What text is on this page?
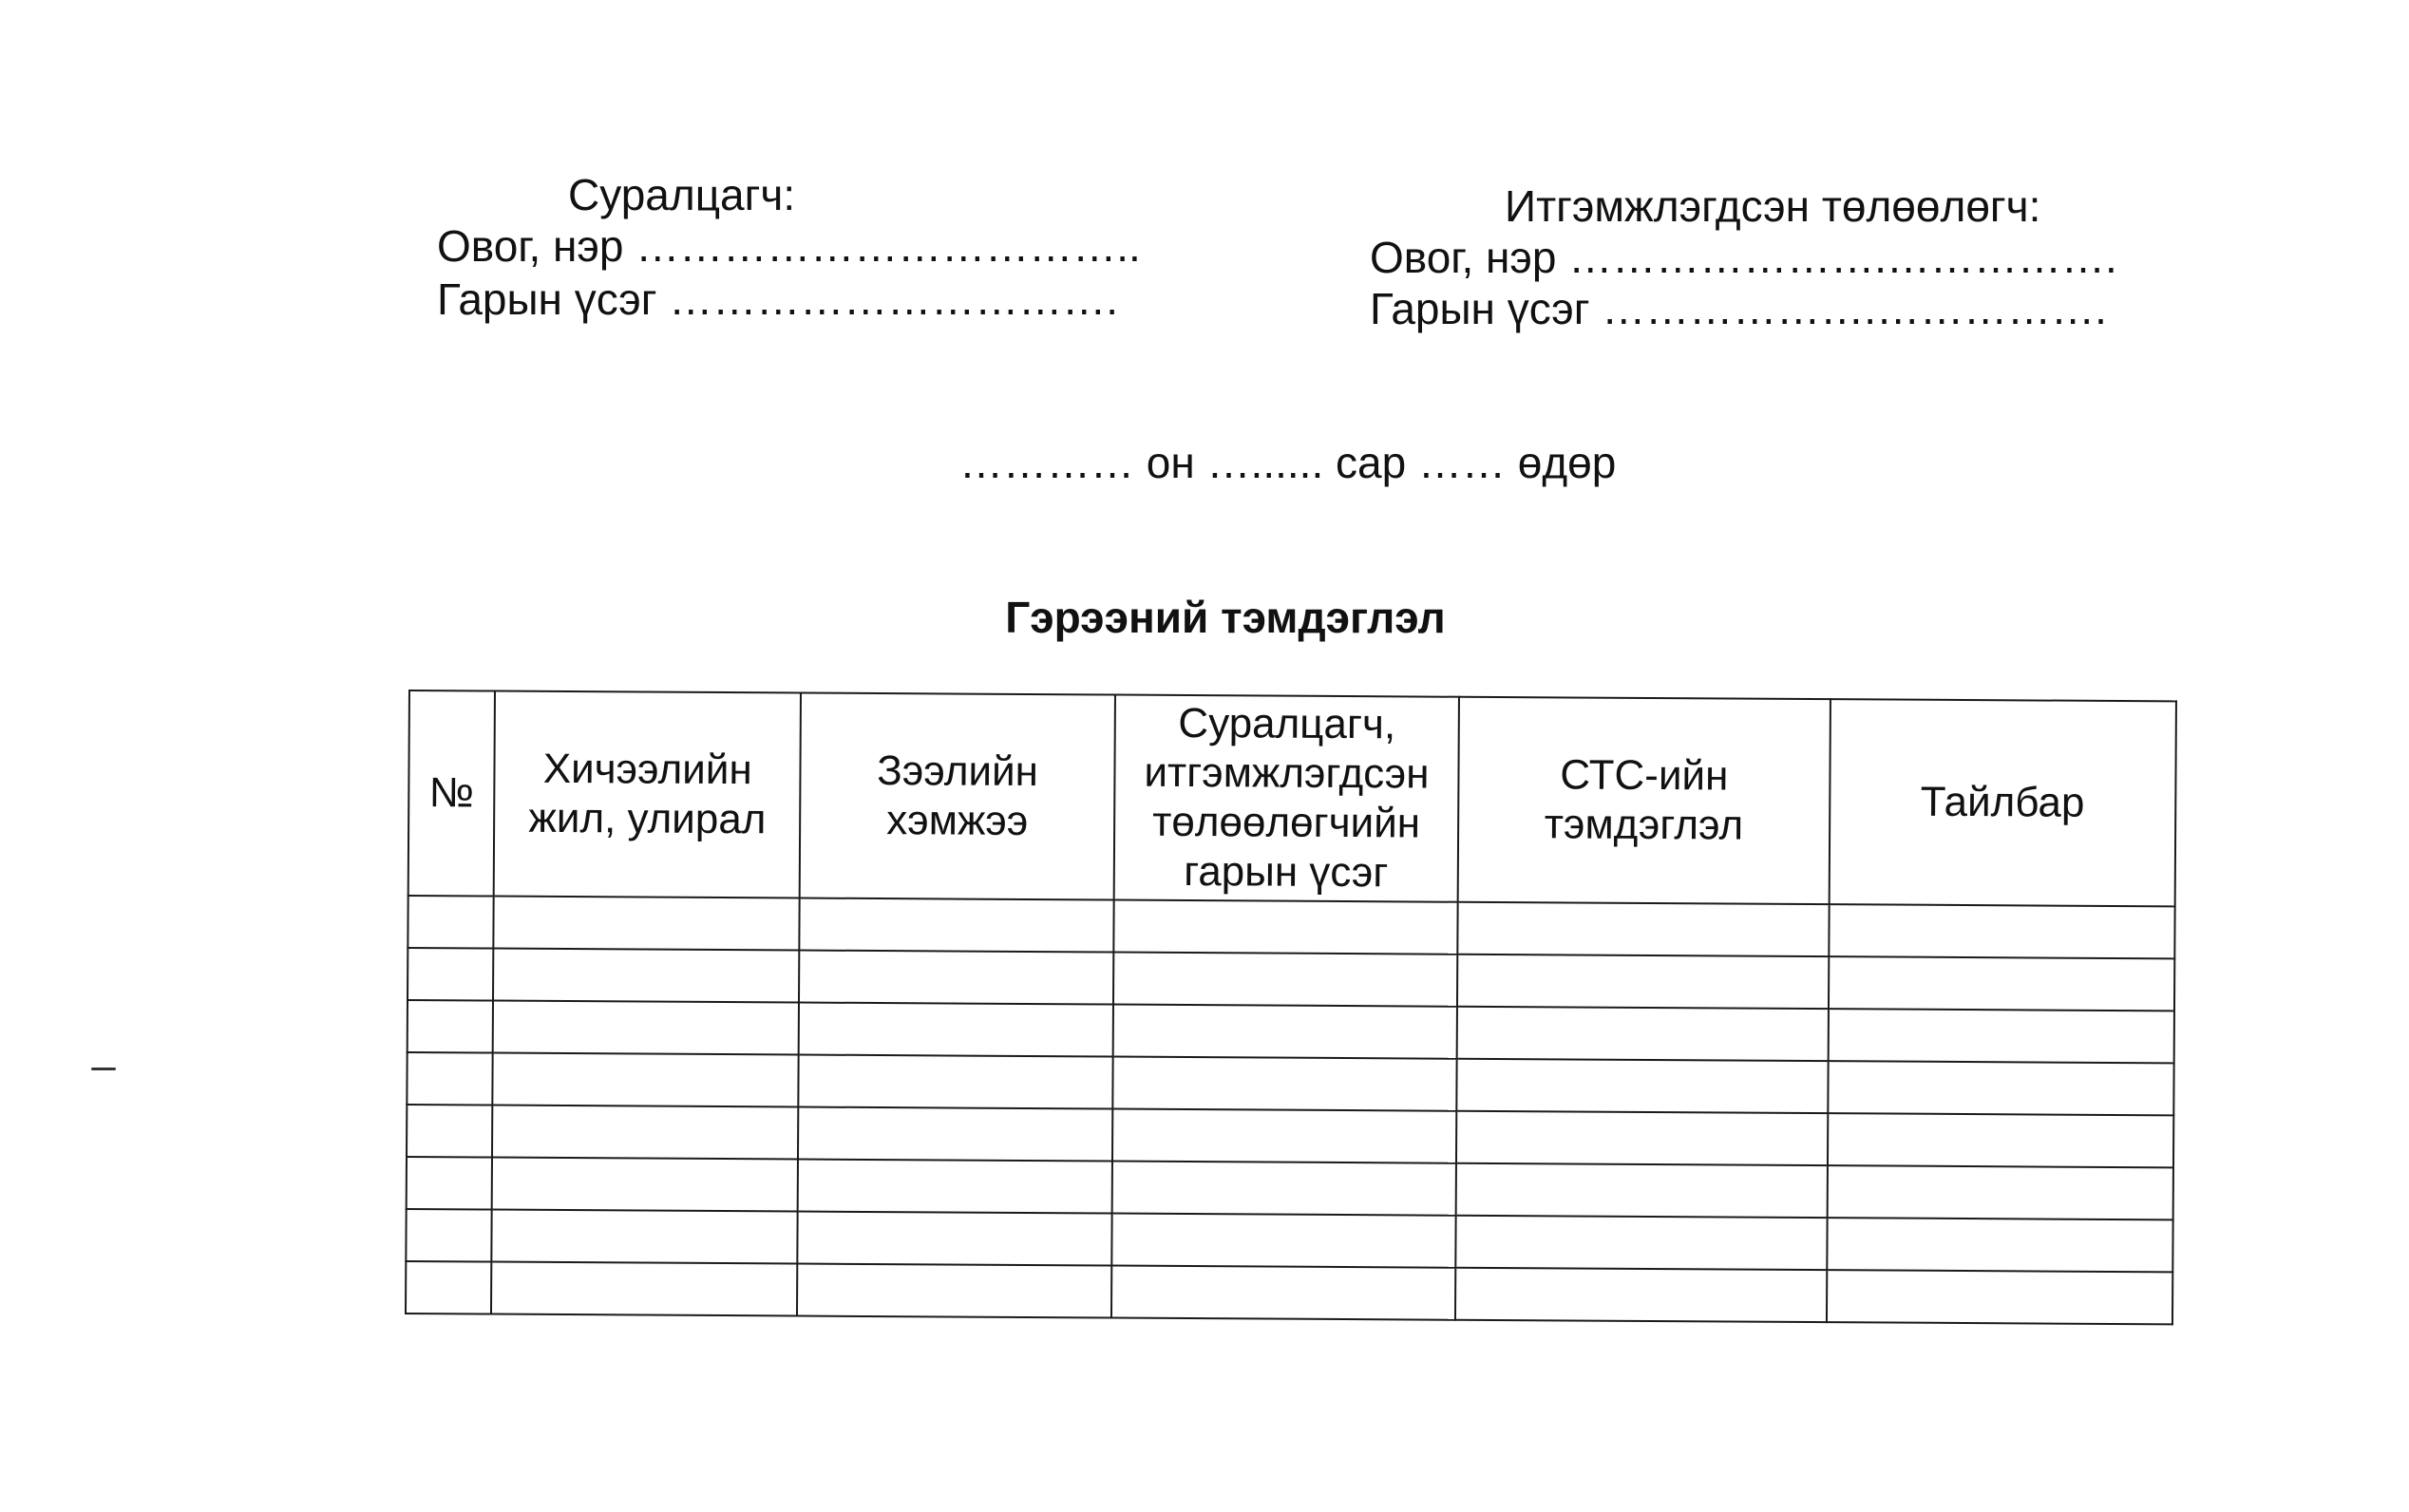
Суралцагч:
Овог, нэр ……………………………..
Гарын үсэг ………………………….
Итгэмжлэгдсэн төлөөлөгч:
Овог, нэр ………………….…………….
Гарын үсэг ……………….…………….
………… он …...... сар …… өдөр
Гэрээний тэмдэглэл
№	Хичээлийн жил, улирал	Зээлийн хэмжээ	Суралцагч, итгэмжлэгдсэн төлөөлөгчийн гарын үсэг	СТС-ийн тэмдэглэл	Тайлбар
